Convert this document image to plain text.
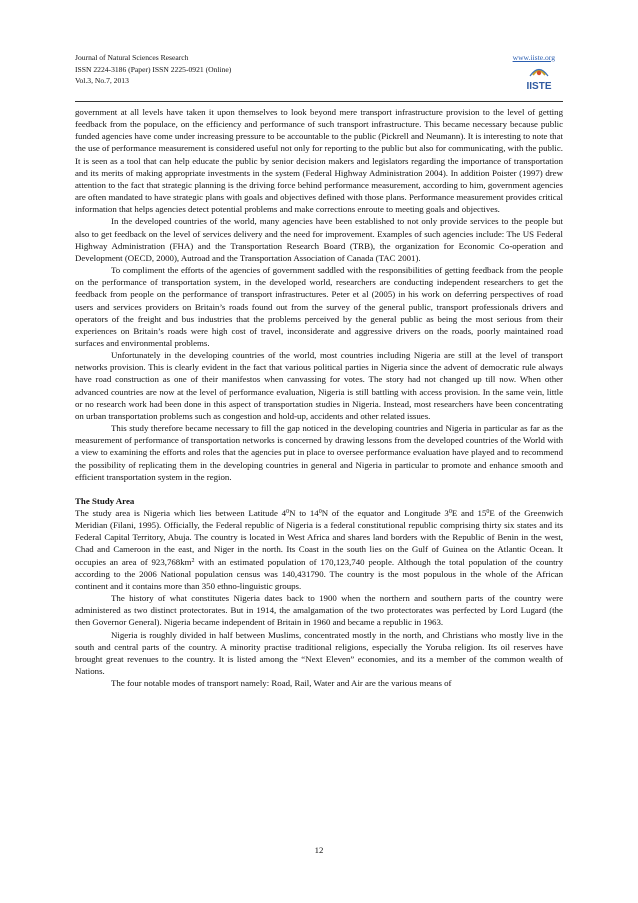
Journal of Natural Sciences Research
ISSN 2224-3186 (Paper) ISSN 2225-0921 (Online)
Vol.3, No.7, 2013
www.iiste.org
IISTE

government at all levels have taken it upon themselves to look beyond mere transport infrastructure provision to the level of getting feedback from the populace, on the efficiency and performance of such transport infrastructure. This became necessary because public funded agencies have come under increasing pressure to be accountable to the public (Pickrell and Neumann). It is interesting to note that the use of performance measurement is considered useful not only for reporting to the public but also for communicating, with the public. It is seen as a tool that can help educate the public by senior decision makers and legislators regarding the importance of transportation and its merits of making appropriate investments in the system (Federal Highway Administration 2004). In addition Poister (1997) drew attention to the fact that strategic planning is the driving force behind performance measurement, according to him, government agencies are often mandated to have strategic plans with goals and objectives defined with those plans. Performance measurement provides critical information that helps agencies detect potential problems and make corrections enroute to meeting goals and objectives.

In the developed countries of the world, many agencies have been established to not only provide services to the people but also to get feedback on the level of services delivery and the need for improvement. Examples of such agencies include: The US Federal Highway Administration (FHA) and the Transportation Research Board (TRB), the organization for Economic Co-operation and Development (OECD, 2000), Autroad and the Transportation Association of Canada (TAC 2001).

To compliment the efforts of the agencies of government saddled with the responsibilities of getting feedback from the people on the performance of transportation system, in the developed world, researchers are conducting independent researchers to get the feedback from people on the performance of transport infrastructures. Peter et al (2005) in his work on deferring perspectives of road users and services providers on Britain’s roads found out from the survey of the general public, transport professionals drivers and operators of the freight and bus industries that the problems perceived by the general public as being the most serious from their experiences on Britain’s roads were high cost of travel, inconsiderate and aggressive drivers on the roads, poorly maintained road surfaces and environmental problems.

Unfortunately in the developing countries of the world, most countries including Nigeria are still at the level of transport networks provision. This is clearly evident in the fact that various political parties in Nigeria since the advent of democratic rule always have road construction as one of their manifestos when canvassing for votes. The story had not changed up till now. When other advanced countries are now at the level of performance evaluation, Nigeria is still battling with access provision. In the same vein, little or no research work had been done in this aspect of transportation studies in Nigeria. Instead, most researchers have been concentrating on urban transportation problems such as congestion and hold-up, accidents and other related issues.

This study therefore became necessary to fill the gap noticed in the developing countries and Nigeria in particular as far as the measurement of performance of transportation networks is concerned by drawing lessons from the developed countries of the World with a view to examining the efforts and roles that the agencies put in place to oversee performance evaluation have played and to recommend the possibility of replicating them in the developing countries in general and Nigeria in particular to promote and enhance smooth and efficient transportation system in the region.

The Study Area

The study area is Nigeria which lies between Latitude $4^0N$ to $14^0N$ of the equator and Longitude $3^0E$ and $15^0E$ of the Greenwich Meridian (Filani, 1995). Officially, the Federal republic of Nigeria is a federal constitutional republic comprising thirty six states and its Federal Capital Territory, Abuja. The country is located in West Africa and shares land borders with the Republic of Benin in the west, Chad and Cameroon in the east, and Niger in the north. Its Coast in the south lies on the Gulf of Guinea on the Atlantic Ocean. It occupies an area of $923,768km^2$ with an estimated population of 170,123,740 people. Although the total population of the country according to the 2006 National population census was 140,431790. The country is the most populous in the whole of the African continent and it contains more than 350 ethno-linguistic groups.

The history of what constitutes Nigeria dates back to 1900 when the northern and southern parts of the country were administered as two distinct protectorates. But in 1914, the amalgamation of the two protectorates was perfected by Lord Lugard (the then Governor General). Nigeria became independent of Britain in 1960 and became a republic in 1963.

Nigeria is roughly divided in half between Muslims, concentrated mostly in the north, and Christians who mostly live in the south and central parts of the country. A minority practise traditional religions, especially the Yoruba religion. Its oil reserves have brought great revenues to the country. It is listed among the “Next Eleven” economies, and its a member of the common wealth of Nations.

The four notable modes of transport namely: Road, Rail, Water and Air are the various means of

12
